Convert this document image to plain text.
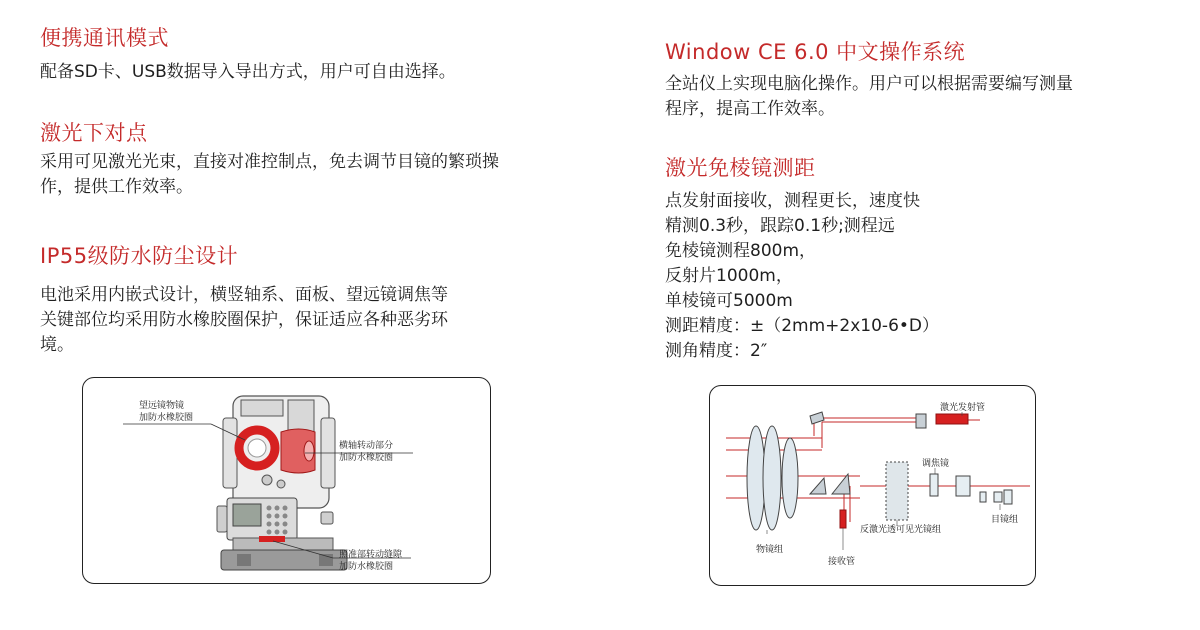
便携通讯模式
配备SD卡、USB数据导入导出方式，用户可自由选择。
激光下对点
采用可见激光光束，直接对准控制点，免去调节目镜的繁琐操
作，提供工作效率。
IP55级防水防尘设计
电池采用内嵌式设计，横竖轴系、面板、望远镜调焦等
关键部位均采用防水橡胶圈保护，保证适应各种恶劣环
境。
望远镜物镜
加防水橡胶圈
横轴转动部分
加防水橡胶圈
照准部转动缝隙
加防水橡胶圈
Window CE 6.0 中文操作系统
全站仪上实现电脑化操作。用户可以根据需要编写测量
程序，提高工作效率。
激光免棱镜测距
点发射面接收，测程更长，速度快
精测0.3秒，跟踪0.1秒;测程远
免棱镜测程800m，
反射片1000m，
单棱镜可5000m
测距精度：±（2mm+2x10-6•D）
测角精度：2″
激光发射管
调焦镜
目镜组
反激光透可见光镜组
物镜组
接收管
